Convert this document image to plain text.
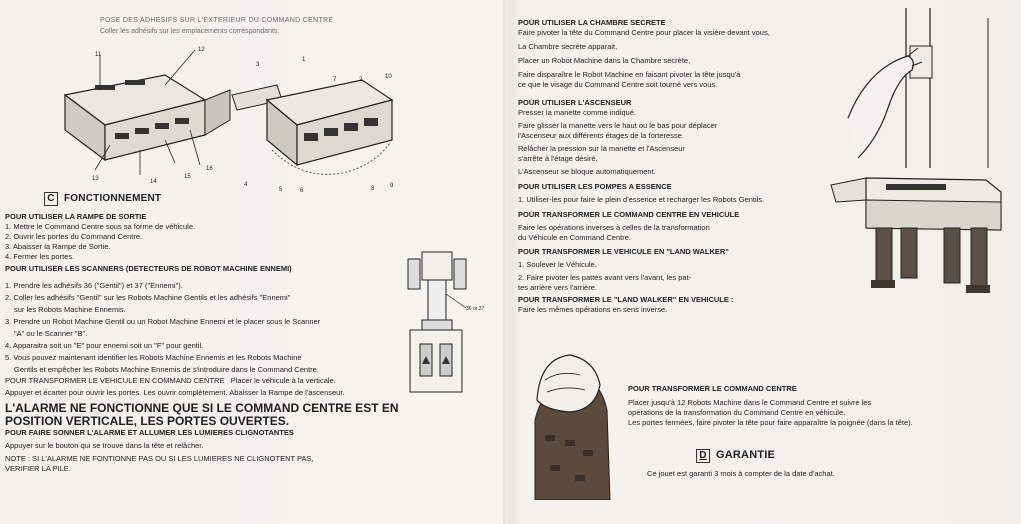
POSE DES ADHESIFS SUR L'EXTERIEUR DU COMMAND CENTRE
Coller les adhésifs sur les emplacements correspondants.
11
12
13	14
15
16
3
1
7	2	10
4
5	6	8	9
C FONCTIONNEMENT
POUR UTILISER LA RAMPE DE SORTIE
1. Mettre le Command Centre sous sa forme de véhicule.
2. Ouvrir les portes du Command Centre.
3. Abaisser la Rampe de Sortie.
4. Fermer les portes.
POUR UTILISER LES SCANNERS (DETECTEURS DE ROBOT MACHINE ENNEMI)
1. Prendre les adhésifs 36 ("Gentil") et 37 ("Ennemi").
2. Coller les adhésifs "Gentil" sur les Robots Machine Gentils et les adhésifs "Ennemi"
sur les Robots Machine Ennemis.
3. Prendre un Robot Machine Gentil ou un Robot Machine Ennemi et le placer sous le Scanner
"A" ou le Scanner "B".
4. Apparaitra soit un "E" pour ennemi soit un "F" pour gentil.
5. Vous pouvez maintenant identifier les Robots Machine Ennemis et les Robots Machine
Gentils et empêcher les Robots Machine Ennemis de s'introduire dans le Command Centre.
POUR TRANSFORMER LE VEHICULE EN COMMAND CENTRE Placer le véhicule à la verticale.
Appuyer et écarter pour ouvrir les portes. Les ouvrir complètement. Abaisser la Rampe de l'ascenseur.
L'ALARME NE FONCTIONNE QUE SI LE COMMAND CENTRE EST EN
POSITION VERTICALE, LES PORTES OUVERTES.
POUR FAIRE SONNER L'ALARME ET ALLUMER LES LUMIERES CLIGNOTANTES
Appuyer sur le bouton qui se trouve dans la tête et relâcher.
NOTE : SI L'ALARME NE FONTIONNE PAS OU SI LES LUMIERES NE CLIGNOTENT PAS,
VERIFIER LA PILE.
36 or 37
POUR UTILISER LA CHAMBRE SECRETE
Faire pivoter la tête du Command Centre pour placer la visière devant vous,
La Chambre secrète apparait,
Placer un Robot Machine dans la Chambre secrète,
Faire disparaître le Robot Machine en faisant pivoter la tête jusqu'à
ce que le visage du Command Centre soit tourné vers vous.
POUR UTILISER L'ASCENSEUR
Presser la manette comme indiqué.
Faire glisser la manette vers le haut ou le bas pour déplacer
l'Ascenseur aux différents étages de la forteresse.
Relâcher la pression sur la manette et l'Ascenseur
s'arrête à l'étage désiré.
L'Ascenseur se bloque automatiquement.
POUR UTILISER LES POMPES A ESSENCE
1. Utiliser-les pour faire le plein d'essence et recharger les Robots Gentils.
POUR TRANSFORMER LE COMMAND CENTRE EN VEHICULE
Faire les opérations inverses à celles de la transformation
du Véhicule en Command Centre.
POUR TRANSFORMER LE VEHICULE EN "LAND WALKER"
1. Soulever le Véhicule.
2. Faire pivoter les pattes avant vers l'avant, les pat-
tes arrière vers l'arrière.
POUR TRANSFORMER LE "LAND WALKER" EN VEHICULE :
Faire les mêmes opérations en sens inverse.
POUR TRANSFORMER LE COMMAND CENTRE
Placer jusqu'à 12 Robots Machine dans le Command Centre et suivre les
opérations de la transformation du Command Centre en véhicule.
Les portes fermées, faire pivoter la tête pour faire apparaître la poignée (dans la tête).
D GARANTIE
Ce jouet est garanti 3 mois à compter de la date d'achat.
